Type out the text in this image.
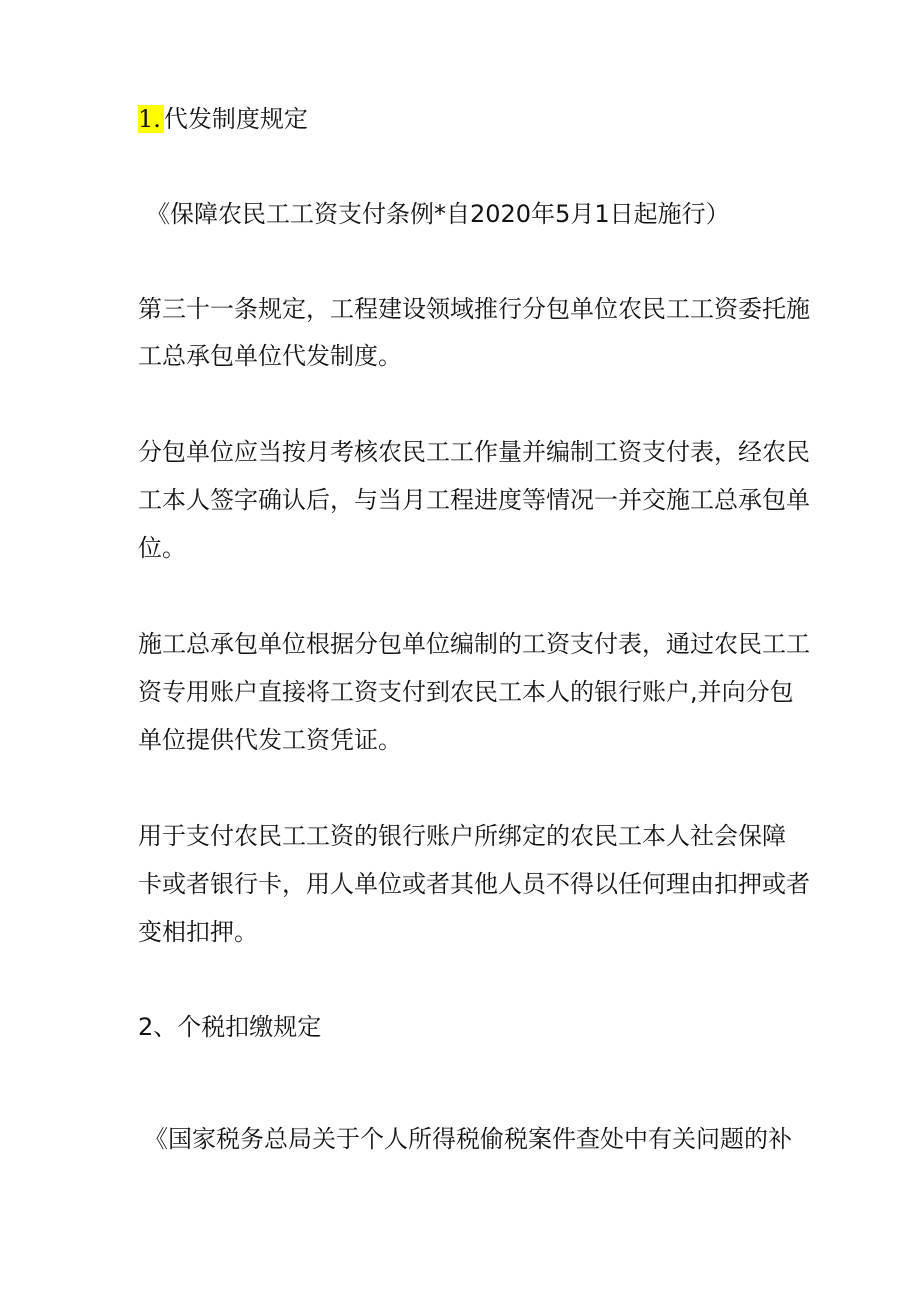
1. 代发制度规定
《保障农民工工资支付条例*自2020年5月1日起施行）
第三十一条规定，工程建设领域推行分包单位农民工工资委托施
工总承包单位代发制度。
分包单位应当按月考核农民工工作量并编制工资支付表，经农民
工本人签字确认后，与当月工程进度等情况一并交施工总承包单
位。
施工总承包单位根据分包单位编制的工资支付表，通过农民工工
资专用账户直接将工资支付到农民工本人的银行账户,并向分包
单位提供代发工资凭证。
用于支付农民工工资的银行账户所绑定的农民工本人社会保障
卡或者银行卡，用人单位或者其他人员不得以任何理由扣押或者
变相扣押。
2、个税扣缴规定
《国家税务总局关于个人所得税偷税案件查处中有关问题的补
